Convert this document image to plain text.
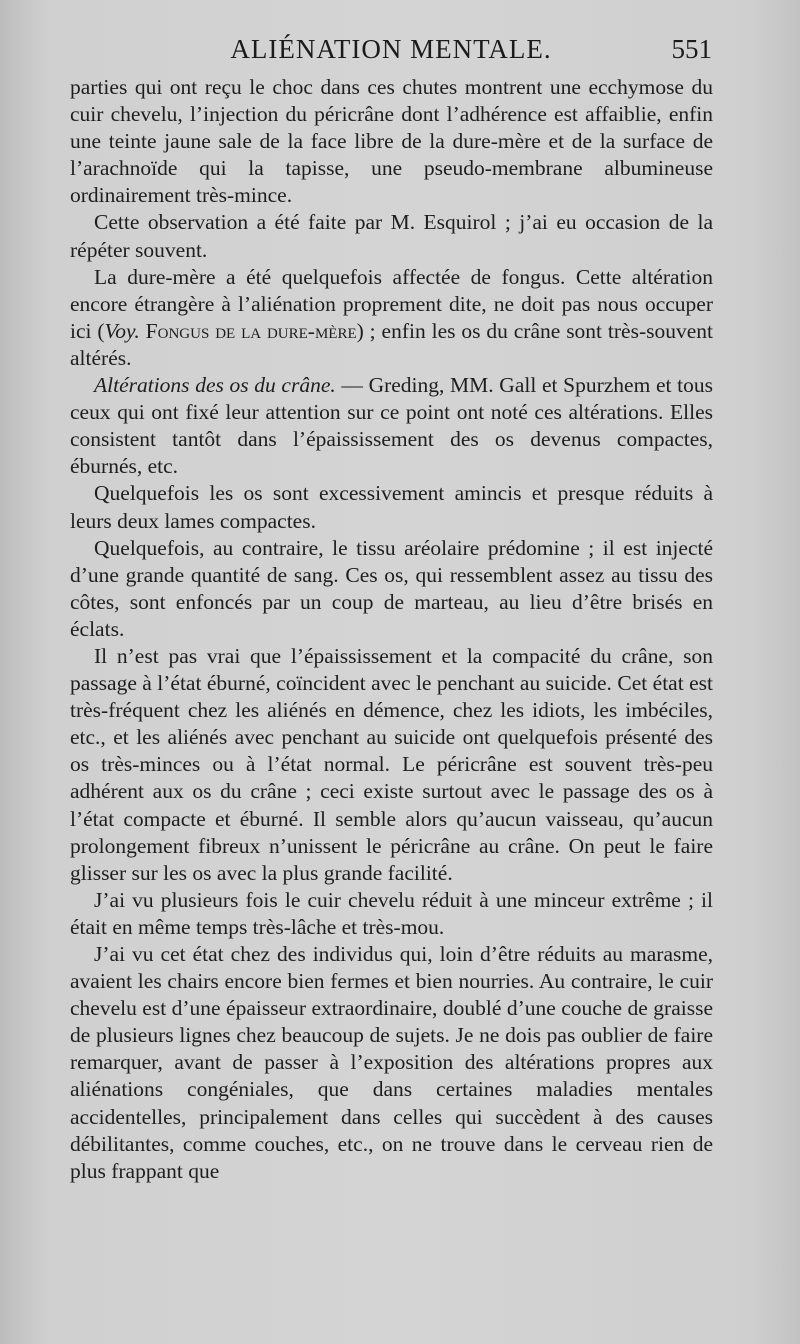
ALIÉNATION MENTALE.	551

parties qui ont reçu le choc dans ces chutes montrent une ecchymose du cuir chevelu, l’injection du péricrâne dont l’adhérence est affaiblie, enfin une teinte jaune sale de la face libre de la dure-mère et de la surface de l’arachnoïde qui la tapisse, une pseudo-membrane albumineuse ordinairement très-mince.

Cette observation a été faite par M. Esquirol ; j’ai eu occasion de la répéter souvent.

La dure-mère a été quelquefois affectée de fongus. Cette altération encore étrangère à l’aliénation proprement dite, ne doit pas nous occuper ici (Voy. Fongus de la dure-mère) ; enfin les os du crâne sont très-souvent altérés.

Altérations des os du crâne. — Greding, MM. Gall et Spurzhem et tous ceux qui ont fixé leur attention sur ce point ont noté ces altérations. Elles consistent tantôt dans l’épaississement des os devenus compactes, éburnés, etc.

Quelquefois les os sont excessivement amincis et presque réduits à leurs deux lames compactes.

Quelquefois, au contraire, le tissu aréolaire prédomine ; il est injecté d’une grande quantité de sang. Ces os, qui ressemblent assez au tissu des côtes, sont enfoncés par un coup de marteau, au lieu d’être brisés en éclats.

Il n’est pas vrai que l’épaississement et la compacité du crâne, son passage à l’état éburné, coïncident avec le penchant au suicide. Cet état est très-fréquent chez les aliénés en démence, chez les idiots, les imbéciles, etc., et les aliénés avec penchant au suicide ont quelquefois présenté des os très-minces ou à l’état normal. Le péricrâne est souvent très-peu adhérent aux os du crâne ; ceci existe surtout avec le passage des os à l’état compacte et éburné. Il semble alors qu’aucun vaisseau, qu’aucun prolongement fibreux n’unissent le péricrâne au crâne. On peut le faire glisser sur les os avec la plus grande facilité.

J’ai vu plusieurs fois le cuir chevelu réduit à une minceur extrême ; il était en même temps très-lâche et très-mou.

J’ai vu cet état chez des individus qui, loin d’être réduits au marasme, avaient les chairs encore bien fermes et bien nourries. Au contraire, le cuir chevelu est d’une épaisseur extraordinaire, doublé d’une couche de graisse de plusieurs lignes chez beaucoup de sujets. Je ne dois pas oublier de faire remarquer, avant de passer à l’exposition des altérations propres aux aliénations congéniales, que dans certaines maladies mentales accidentelles, principalement dans celles qui succèdent à des causes débilitantes, comme couches, etc., on ne trouve dans le cerveau rien de plus frappant que
